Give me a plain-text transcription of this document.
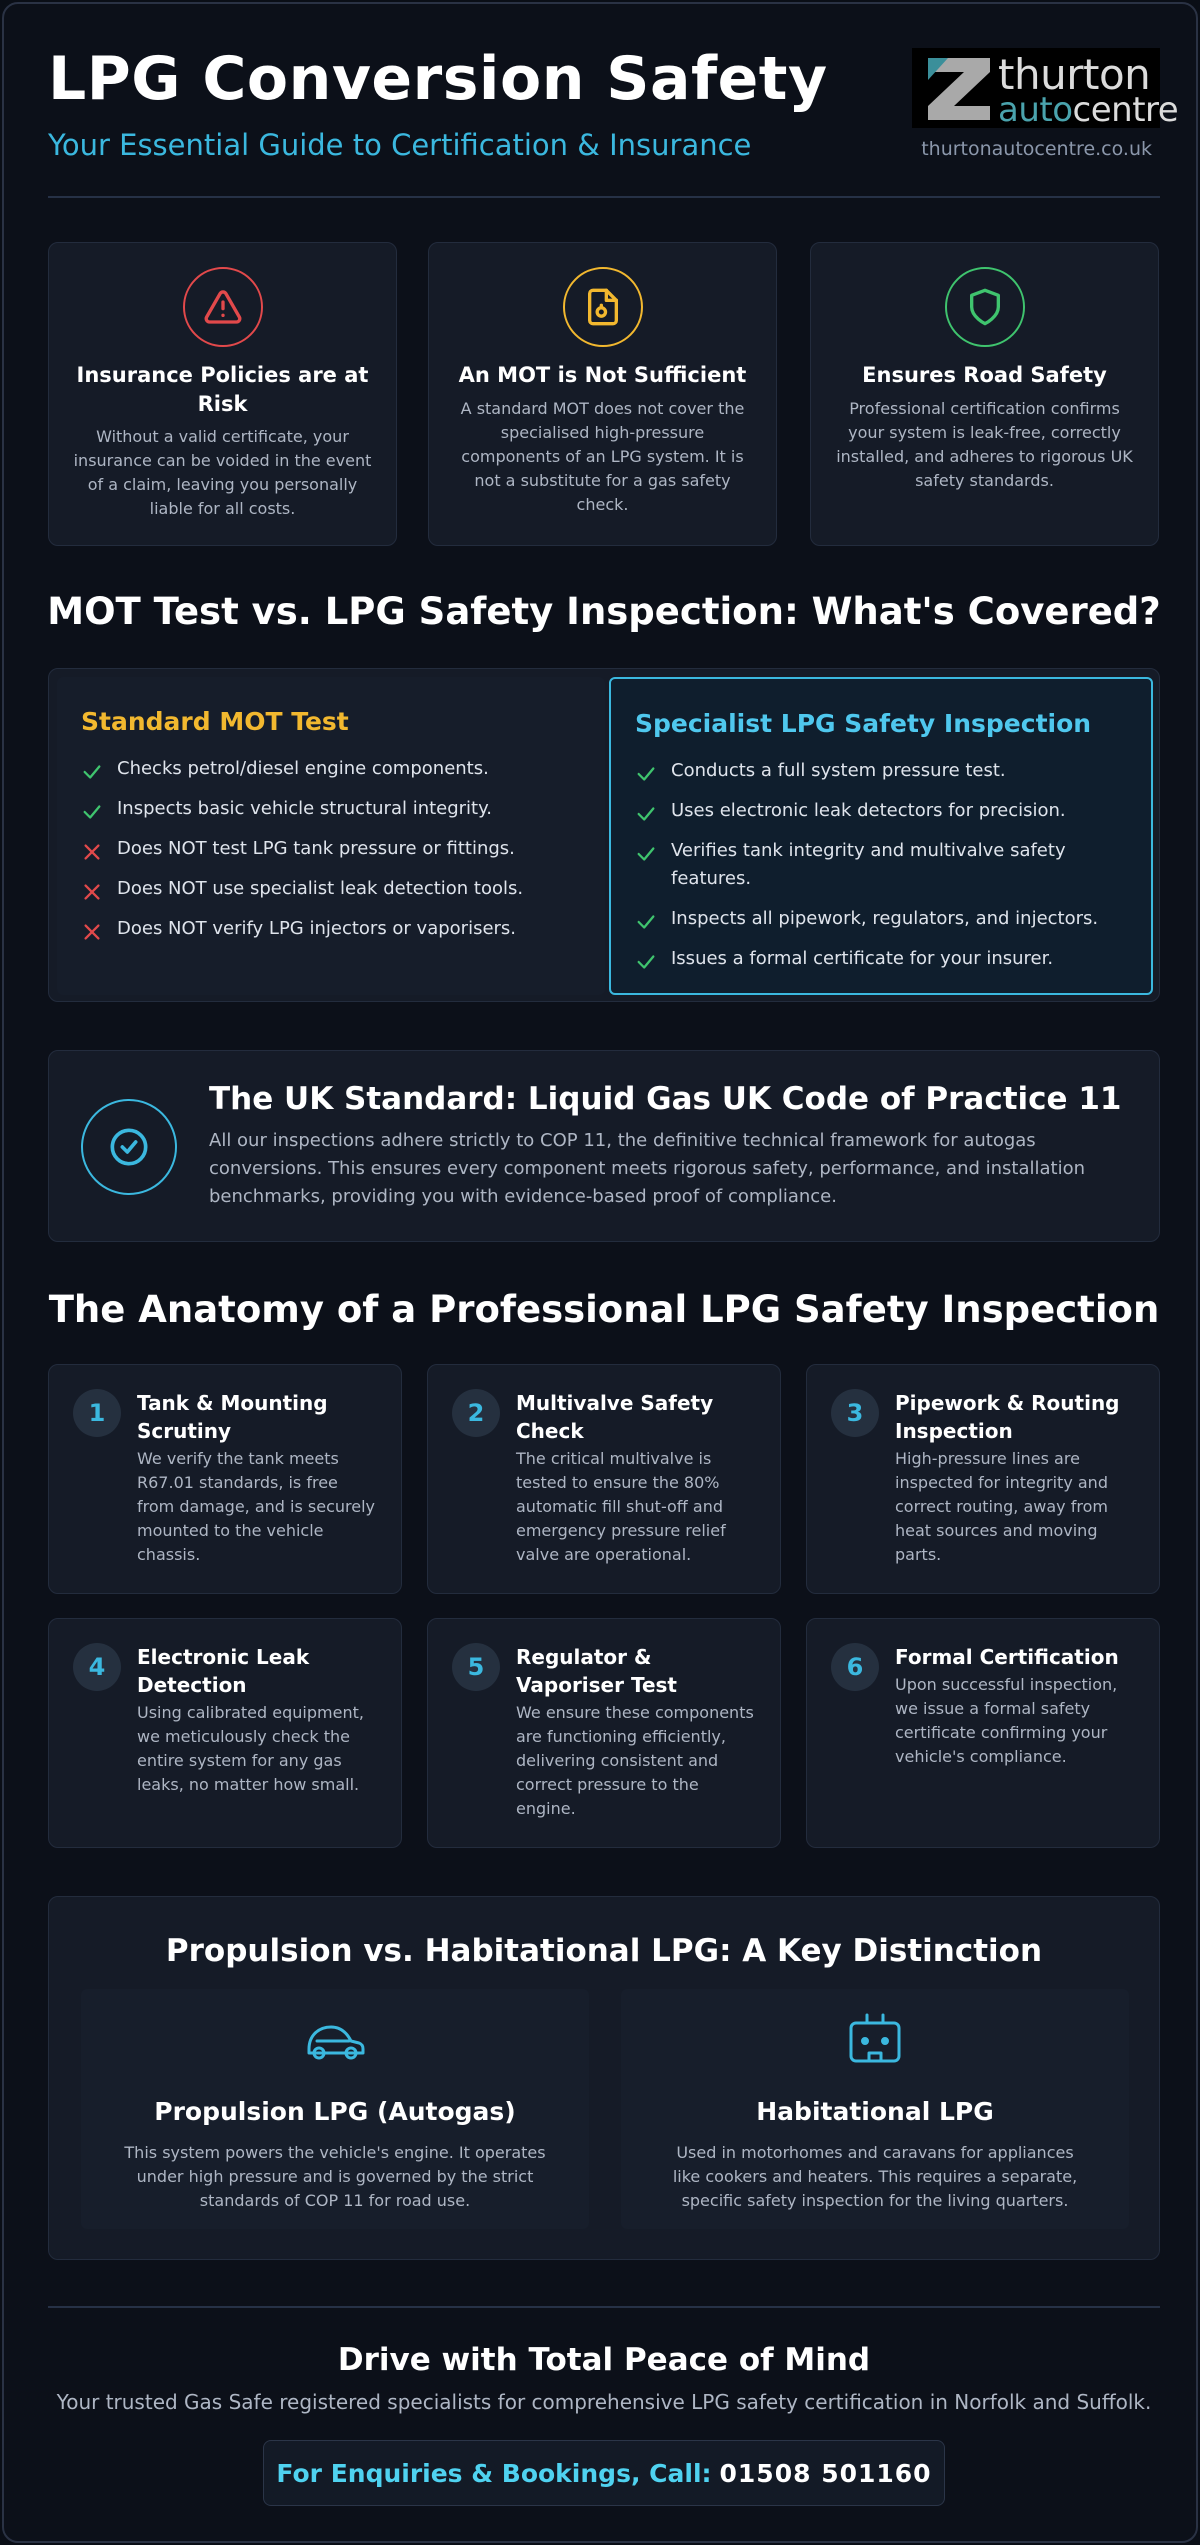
LPG Conversion Safety
Your Essential Guide to Certification & Insurance
thurton
autocentre
thurtonautocentre.co.uk
Insurance Policies are at Risk

Without a valid certificate, your insurance can be voided in the event of a claim, leaving you personally liable for all costs.

An MOT is Not Sufficient

A standard MOT does not cover the specialised high-pressure components of an LPG system. It is not a substitute for a gas safety check.

Ensures Road Safety

Professional certification confirms your system is leak-free, correctly installed, and adheres to rigorous UK safety standards.

MOT Test vs. LPG Safety Inspection: What's Covered?
Standard MOT Test
Checks petrol/diesel engine components.
Inspects basic vehicle structural integrity.
Does NOT test LPG tank pressure or fittings.
Does NOT use specialist leak detection tools.
Does NOT verify LPG injectors or vaporisers.
Specialist LPG Safety Inspection
Conducts a full system pressure test.
Uses electronic leak detectors for precision.
Verifies tank integrity and multivalve safety features.
Inspects all pipework, regulators, and injectors.
Issues a formal certificate for your insurer.
The UK Standard: Liquid Gas UK Code of Practice 11

All our inspections adhere strictly to COP 11, the definitive technical framework for autogas conversions. This ensures every component meets rigorous safety, performance, and installation benchmarks, providing you with evidence-based proof of compliance.

The Anatomy of a Professional LPG Safety Inspection
1	Tank & Mounting Scrutiny

We verify the tank meets R67.01 standards, is free from damage, and is securely mounted to the vehicle chassis.

2	Multivalve Safety Check

The critical multivalve is tested to ensure the 80% automatic fill shut-off and emergency pressure relief valve are operational.

3	Pipework & Routing Inspection

High-pressure lines are inspected for integrity and correct routing, away from heat sources and moving parts.

4	Electronic Leak Detection

Using calibrated equipment, we meticulously check the entire system for any gas leaks, no matter how small.

5	Regulator & Vaporiser Test

We ensure these components are functioning efficiently, delivering consistent and correct pressure to the engine.

6	Formal Certification

Upon successful inspection, we issue a formal safety certificate confirming your vehicle's compliance.

Propulsion vs. Habitational LPG: A Key Distinction
Propulsion LPG (Autogas)

This system powers the vehicle's engine. It operates under high pressure and is governed by the strict standards of COP 11 for road use.

Habitational LPG

Used in motorhomes and caravans for appliances like cookers and heaters. This requires a separate, specific safety inspection for the living quarters.

Drive with Total Peace of Mind
Your trusted Gas Safe registered specialists for comprehensive LPG safety certification in Norfolk and Suffolk.
For Enquiries & Bookings, Call: 01508 501160
